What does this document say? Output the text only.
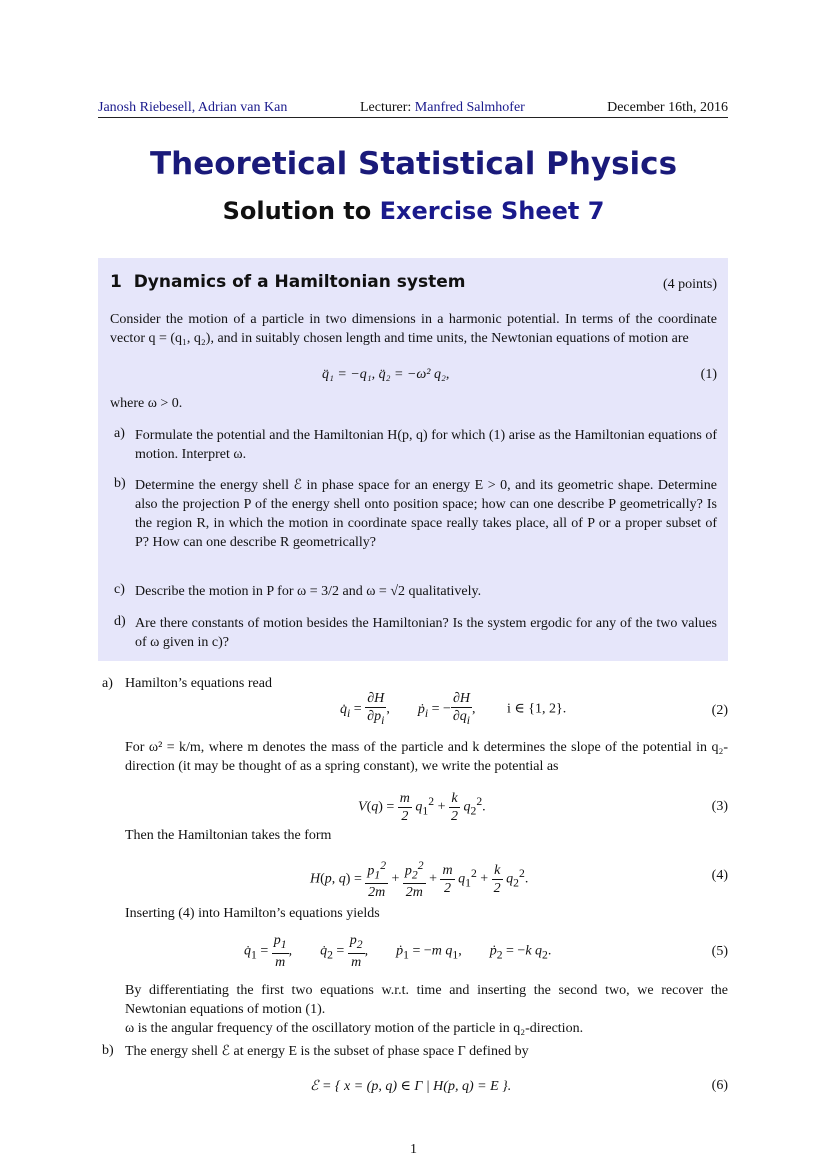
Janosh Riebesell, Adrian van Kan	Lecturer: Manfred Salmhofer	December 16th, 2016
Theoretical Statistical Physics
Solution to Exercise Sheet 7
1 Dynamics of a Hamiltonian system	(4 points)
Consider the motion of a particle in two dimensions in a harmonic potential. In terms of the coordinate vector q = (q₁, q₂), and in suitably chosen length and time units, the Newtonian equations of motion are
q̈₁ = −q₁, q̈₂ = −ω² q₂,	(1)
where ω > 0.
a) Formulate the potential and the Hamiltonian H(p, q) for which (1) arise as the Hamiltonian equations of motion. Interpret ω.
b) Determine the energy shell ℰ in phase space for an energy E > 0, and its geometric shape. Determine also the projection P of the energy shell onto position space; how can one describe P geometrically? Is the region R, in which the motion in coordinate space really takes place, all of P or a proper subset of P? How can one describe R geometrically?
c) Describe the motion in P for ω = 3/2 and ω = √2 qualitatively.
d) Are there constants of motion besides the Hamiltonian? Is the system ergodic for any of the two values of ω given in c)?
a) Hamilton’s equations read
$q̇_i = \frac{\partial H}{\partial p_i}$ ,        ṗ$_i$ = − $\frac{\partial H}{\partial q_i}$ ,         i ∈ {1, 2}.	(2)
For ω² = k/m, where m denotes the mass of the particle and k determines the slope of the potential in q₂-direction (it may be thought of as a spring constant), we write the potential as
$V(q) = \frac{m}{2} q_1^2 + \frac{k}{2} q_2^2$.	(3)
Then the Hamiltonian takes the form
H(p, $q) = \frac{p_1^2}{2m} + \frac{p_2^2}{2m} + \frac{m}{2} q_1^2 + \frac{k}{2} q_2^2$.	(4)
Inserting (4) into Hamilton’s equations yields
$q̇_1 = \frac{p_1}{m}$ ,        $q̇_2 = \frac{p_2}{m}$ ,        ṗ$_1$ = −m $q_1$,        ṗ$_2$ = −k $q_2$.	(5)
By differentiating the first two equations w.r.t. time and inserting the second two, we recover the Newtonian equations of motion (1).
ω is the angular frequency of the oscillatory motion of the particle in q₂-direction.
b) The energy shell ℰ at energy E is the subset of phase space Γ defined by
ℰ = { x = (p, q) ∈ Γ | H(p, q) = E }.	(6)
1
